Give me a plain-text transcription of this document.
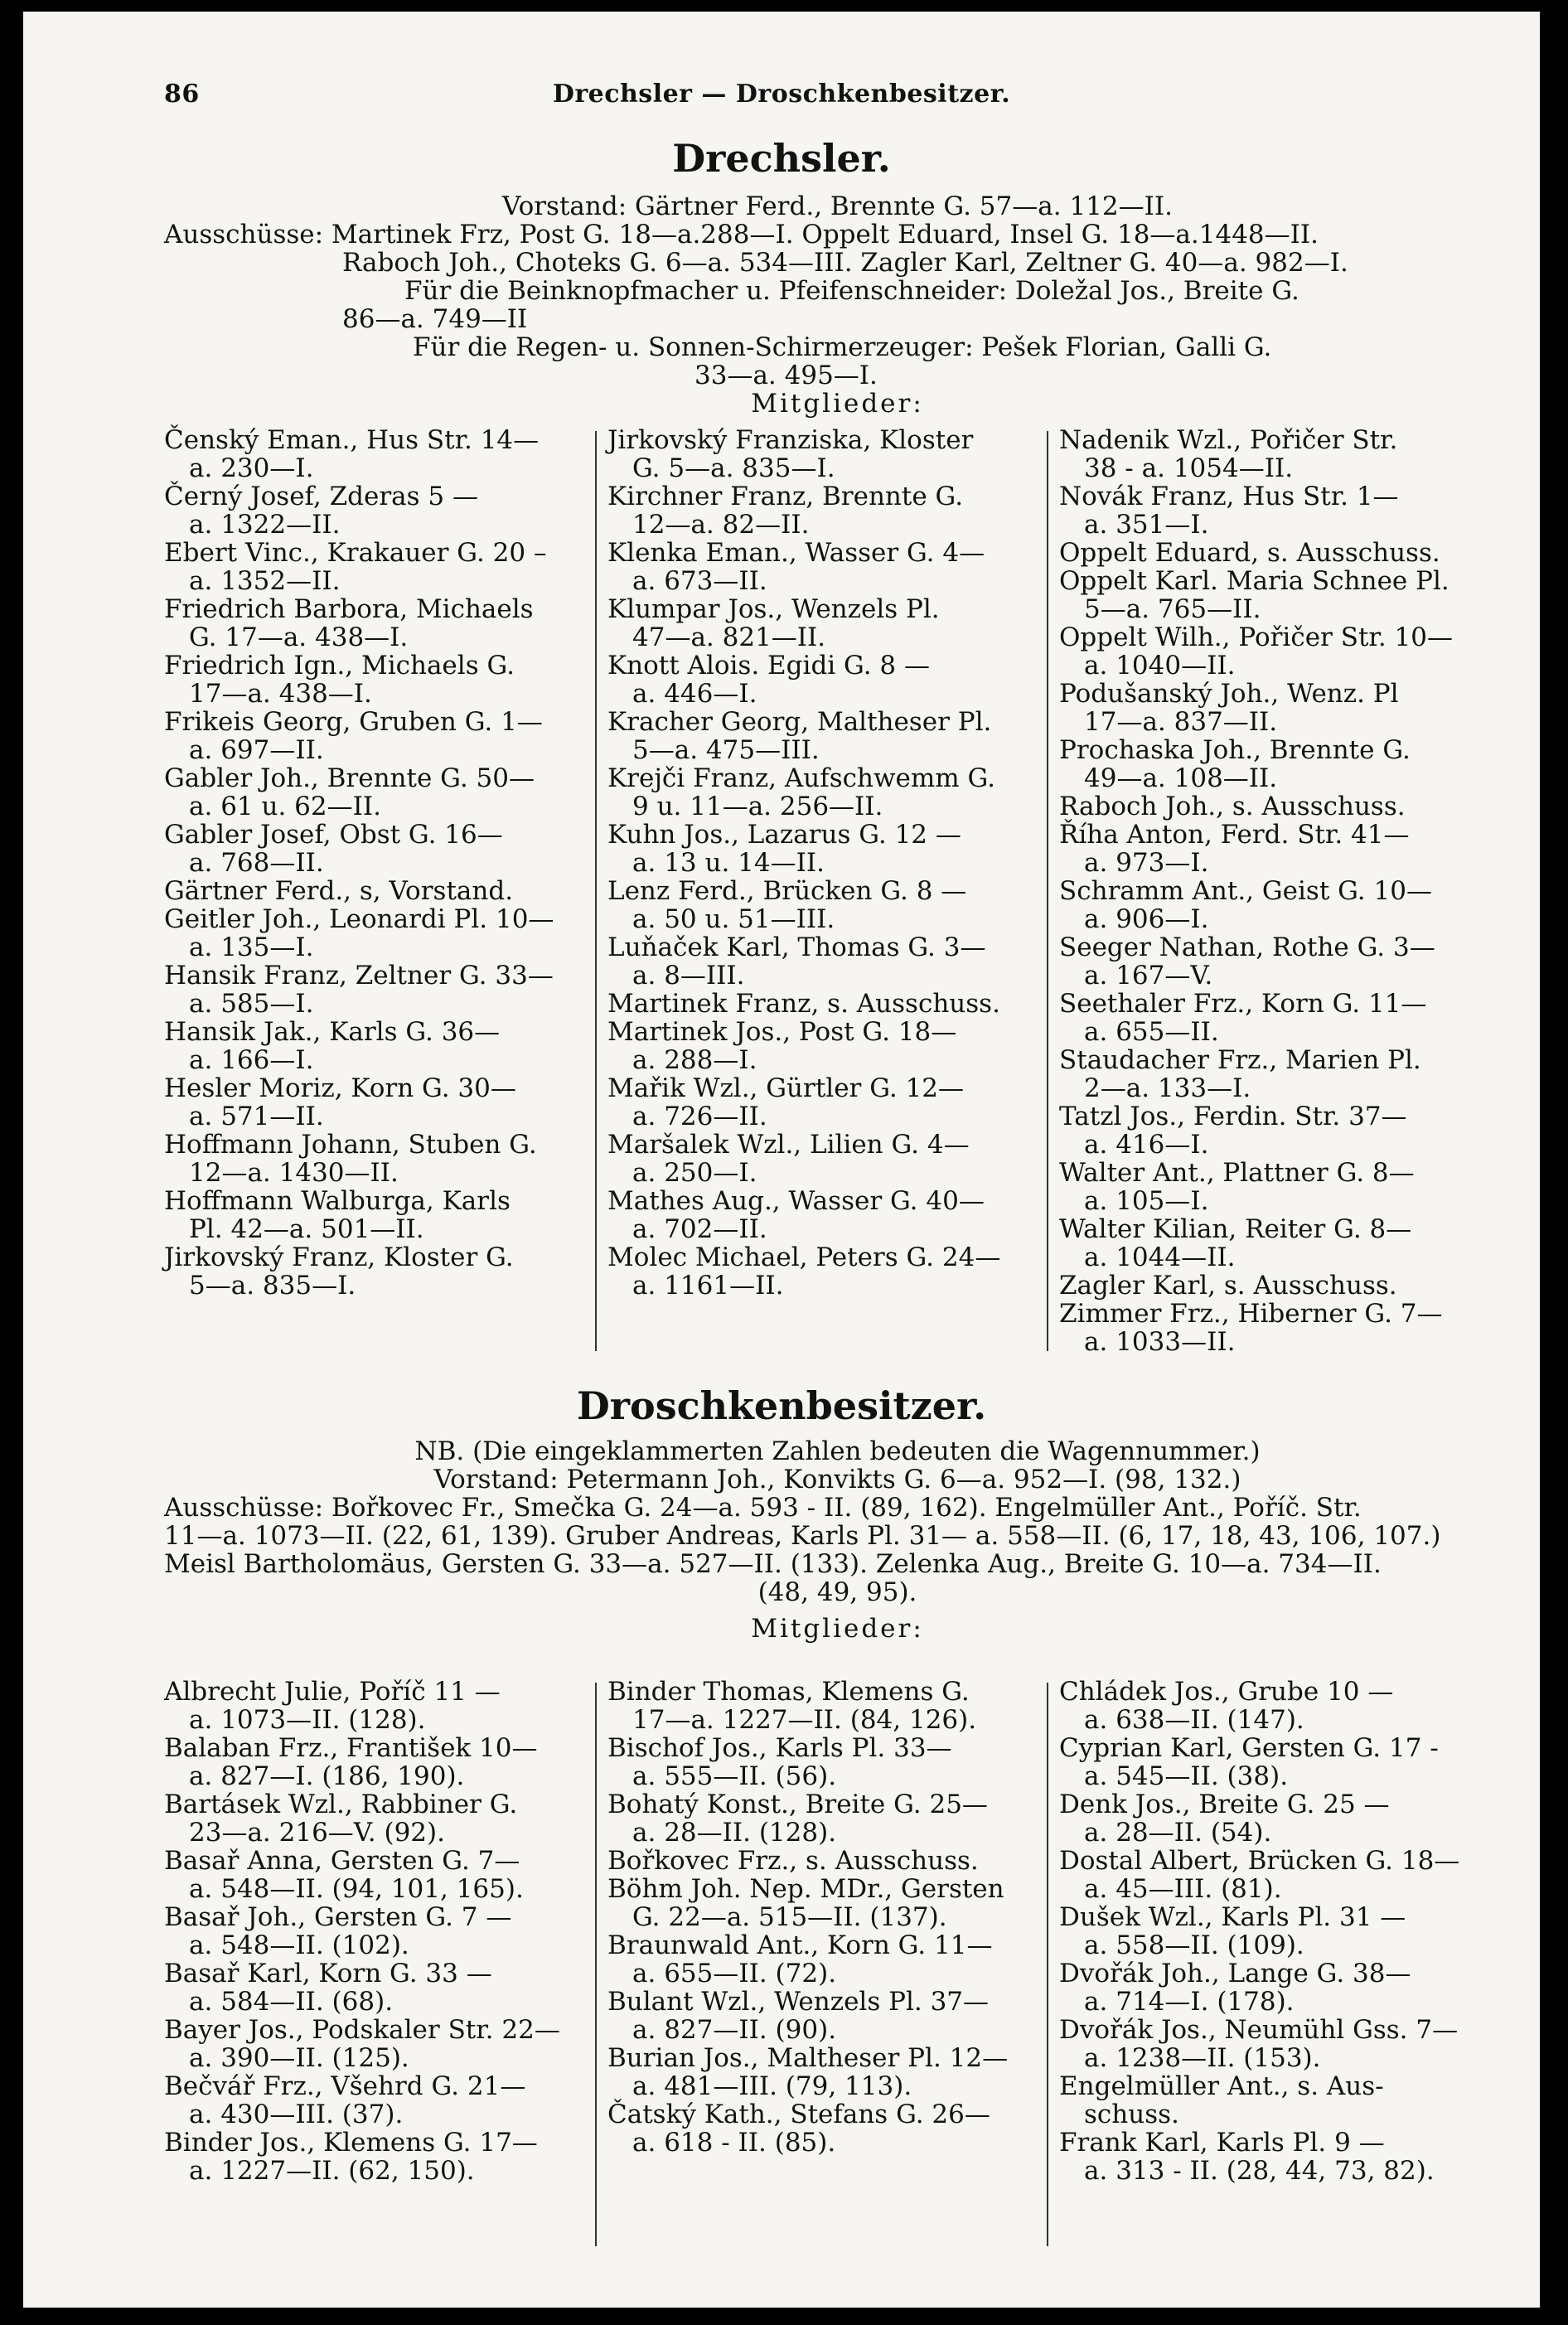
86	Drechsler — Droschkenbesitzer.
Drechsler.
Vorstand: Gärtner Ferd., Brennte G. 57—a. 112—II.
Ausschüsse: Martinek Frz, Post G. 18—a.288—I. Oppelt Eduard, Insel G. 18—a.1448—II.
Raboch Joh., Choteks G. 6—a. 534—III. Zagler Karl, Zeltner G. 40—a. 982—I.
Für die Beinknopfmacher u. Pfeifenschneider: Doležal Jos., Breite G.
86—a. 749—II
Für die Regen- u. Sonnen-Schirmerzeuger: Pešek Florian, Galli G.
33—a. 495—I.
Mitglieder:
Čenský Eman., Hus Str. 14—
a. 230—I.
Černý Josef, Zderas 5 —
a. 1322—II.
Ebert Vinc., Krakauer G. 20 –
a. 1352—II.
Friedrich Barbora, Michaels
G. 17—a. 438—I.
Friedrich Ign., Michaels G.
17—a. 438—I.
Frikeis Georg, Gruben G. 1—
a. 697—II.
Gabler Joh., Brennte G. 50—
a. 61 u. 62—II.
Gabler Josef, Obst G. 16—
a. 768—II.
Gärtner Ferd., s, Vorstand.
Geitler Joh., Leonardi Pl. 10—
a. 135—I.
Hansik Franz, Zeltner G. 33—
a. 585—I.
Hansik Jak., Karls G. 36—
a. 166—I.
Hesler Moriz, Korn G. 30—
a. 571—II.
Hoffmann Johann, Stuben G.
12—a. 1430—II.
Hoffmann Walburga, Karls
Pl. 42—a. 501—II.
Jirkovský Franz, Kloster G.
5—a. 835—I.
Jirkovský Franziska, Kloster
G. 5—a. 835—I.
Kirchner Franz, Brennte G.
12—a. 82—II.
Klenka Eman., Wasser G. 4—
a. 673—II.
Klumpar Jos., Wenzels Pl.
47—a. 821—II.
Knott Alois. Egidi G. 8 —
a. 446—I.
Kracher Georg, Maltheser Pl.
5—a. 475—III.
Krejči Franz, Aufschwemm G.
9 u. 11—a. 256—II.
Kuhn Jos., Lazarus G. 12 —
a. 13 u. 14—II.
Lenz Ferd., Brücken G. 8 —
a. 50 u. 51—III.
Luňaček Karl, Thomas G. 3—
a. 8—III.
Martinek Franz, s. Ausschuss.
Martinek Jos., Post G. 18—
a. 288—I.
Mařik Wzl., Gürtler G. 12—
a. 726—II.
Maršalek Wzl., Lilien G. 4—
a. 250—I.
Mathes Aug., Wasser G. 40—
a. 702—II.
Molec Michael, Peters G. 24—
a. 1161—II.
Nadenik Wzl., Pořičer Str.
38 - a. 1054—II.
Novák Franz, Hus Str. 1—
a. 351—I.
Oppelt Eduard, s. Ausschuss.
Oppelt Karl. Maria Schnee Pl.
5—a. 765—II.
Oppelt Wilh., Pořičer Str. 10—
a. 1040—II.
Podušanský Joh., Wenz. Pl
17—a. 837—II.
Prochaska Joh., Brennte G.
49—a. 108—II.
Raboch Joh., s. Ausschuss.
Říha Anton, Ferd. Str. 41—
a. 973—I.
Schramm Ant., Geist G. 10—
a. 906—I.
Seeger Nathan, Rothe G. 3—
a. 167—V.
Seethaler Frz., Korn G. 11—
a. 655—II.
Staudacher Frz., Marien Pl.
2—a. 133—I.
Tatzl Jos., Ferdin. Str. 37—
a. 416—I.
Walter Ant., Plattner G. 8—
a. 105—I.
Walter Kilian, Reiter G. 8—
a. 1044—II.
Zagler Karl, s. Ausschuss.
Zimmer Frz., Hiberner G. 7—
a. 1033—II.
Droschkenbesitzer.
NB. (Die eingeklammerten Zahlen bedeuten die Wagennummer.)
Vorstand: Petermann Joh., Konvikts G. 6—a. 952—I. (98, 132.)
Ausschüsse: Bořkovec Fr., Smečka G. 24—a. 593 - II. (89, 162). Engelmüller Ant., Poříč. Str.
11—a. 1073—II. (22, 61, 139). Gruber Andreas, Karls Pl. 31— a. 558—II. (6, 17, 18, 43, 106, 107.)
Meisl Bartholomäus, Gersten G. 33—a. 527—II. (133). Zelenka Aug., Breite G. 10—a. 734—II.
(48, 49, 95).
Mitglieder:
Albrecht Julie, Poříč 11 —
a. 1073—II. (128).
Balaban Frz., František 10—
a. 827—I. (186, 190).
Bartásek Wzl., Rabbiner G.
23—a. 216—V. (92).
Basař Anna, Gersten G. 7—
a. 548—II. (94, 101, 165).
Basař Joh., Gersten G. 7 —
a. 548—II. (102).
Basař Karl, Korn G. 33 —
a. 584—II. (68).
Bayer Jos., Podskaler Str. 22—
a. 390—II. (125).
Bečvář Frz., Všehrd G. 21—
a. 430—III. (37).
Binder Jos., Klemens G. 17—
a. 1227—II. (62, 150).
Binder Thomas, Klemens G.
17—a. 1227—II. (84, 126).
Bischof Jos., Karls Pl. 33—
a. 555—II. (56).
Bohatý Konst., Breite G. 25—
a. 28—II. (128).
Bořkovec Frz., s. Ausschuss.
Böhm Joh. Nep. MDr., Gersten
G. 22—a. 515—II. (137).
Braunwald Ant., Korn G. 11—
a. 655—II. (72).
Bulant Wzl., Wenzels Pl. 37—
a. 827—II. (90).
Burian Jos., Maltheser Pl. 12—
a. 481—III. (79, 113).
Čatský Kath., Stefans G. 26—
a. 618 - II. (85).
Chládek Jos., Grube 10 —
a. 638—II. (147).
Cyprian Karl, Gersten G. 17 -
a. 545—II. (38).
Denk Jos., Breite G. 25 —
a. 28—II. (54).
Dostal Albert, Brücken G. 18—
a. 45—III. (81).
Dušek Wzl., Karls Pl. 31 —
a. 558—II. (109).
Dvořák Joh., Lange G. 38—
a. 714—I. (178).
Dvořák Jos., Neumühl Gss. 7—
a. 1238—II. (153).
Engelmüller Ant., s. Aus-
schuss.
Frank Karl, Karls Pl. 9 —
a. 313 - II. (28, 44, 73, 82).
